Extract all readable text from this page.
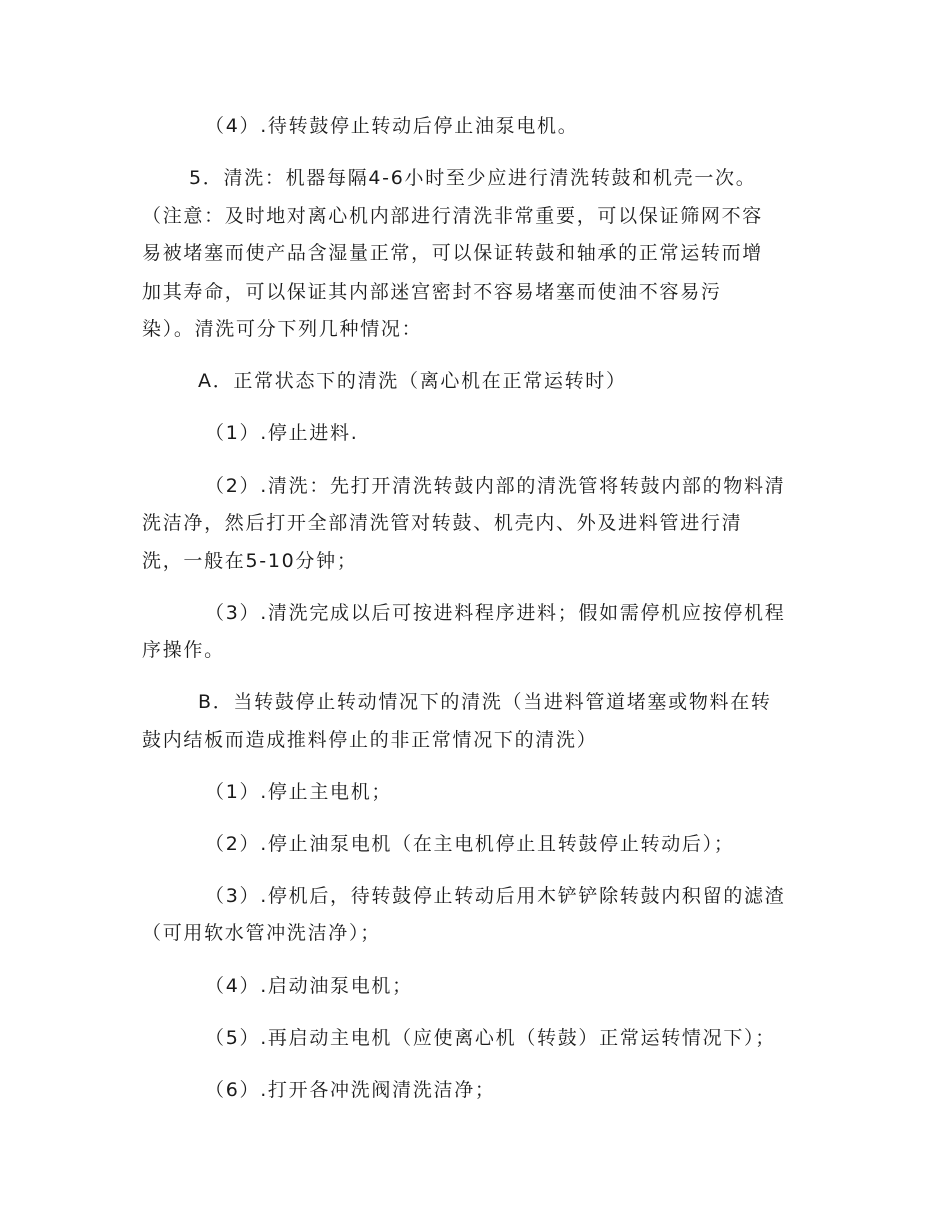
（4）.待转鼓停止转动后停止油泵电机。
5．清洗：机器每隔4-6小时至少应进行清洗转鼓和机壳一次。
（注意：及时地对离心机内部进行清洗非常重要，可以保证筛网不容
易被堵塞而使产品含湿量正常，可以保证转鼓和轴承的正常运转而增
加其寿命，可以保证其内部迷宫密封不容易堵塞而使油不容易污
染）。清洗可分下列几种情况：
A．正常状态下的清洗（离心机在正常运转时）
（1）.停止进料.
（2）.清洗：先打开清洗转鼓内部的清洗管将转鼓内部的物料清
洗洁净，然后打开全部清洗管对转鼓、机壳内、外及进料管进行清
洗，一般在5-10分钟；
（3）.清洗完成以后可按进料程序进料；假如需停机应按停机程
序操作。
B．当转鼓停止转动情况下的清洗（当进料管道堵塞或物料在转
鼓内结板而造成推料停止的非正常情况下的清洗）
（1）.停止主电机；
（2）.停止油泵电机（在主电机停止且转鼓停止转动后）；
（3）.停机后，待转鼓停止转动后用木铲铲除转鼓内积留的滤渣
（可用软水管冲洗洁净）；
（4）.启动油泵电机；
（5）.再启动主电机（应使离心机（转鼓）正常运转情况下）；
（6）.打开各冲洗阀清洗洁净；
